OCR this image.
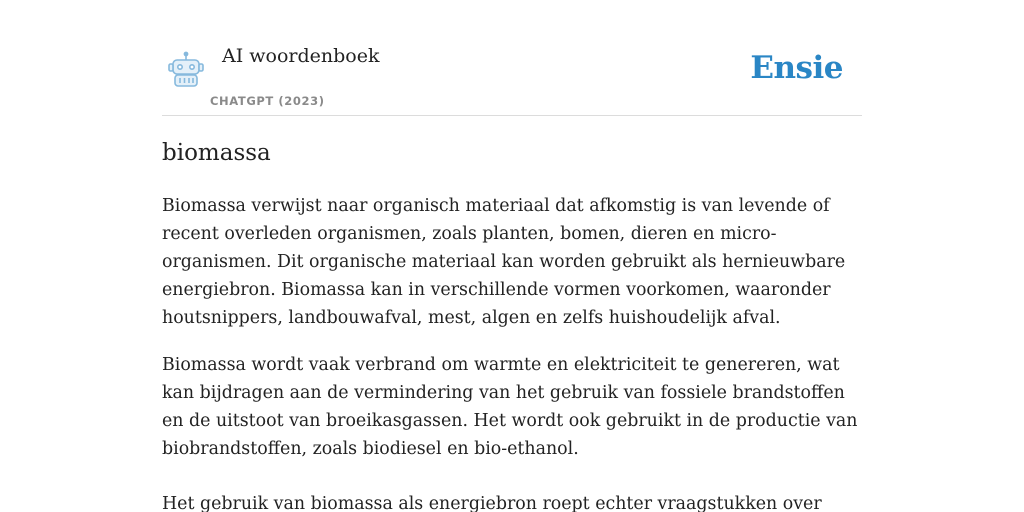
AI woordenboek
CHATGPT (2023)
Ensie
biomassa

Biomassa verwijst naar organisch materiaal dat afkomstig is van levende of recent overleden organismen, zoals planten, bomen, dieren en micro-organismen. Dit organische materiaal kan worden gebruikt als hernieuwbare energiebron. Biomassa kan in verschillende vormen voorkomen, waaronder houtsnippers, landbouwafval, mest, algen en zelfs huishoudelijk afval.

Biomassa wordt vaak verbrand om warmte en elektriciteit te genereren, wat kan bijdragen aan de vermindering van het gebruik van fossiele brandstoffen en de uitstoot van broeikasgassen. Het wordt ook gebruikt in de productie van biobrandstoffen, zoals biodiesel en bio-ethanol.

Het gebruik van biomassa als energiebron roept echter vraagstukken over
